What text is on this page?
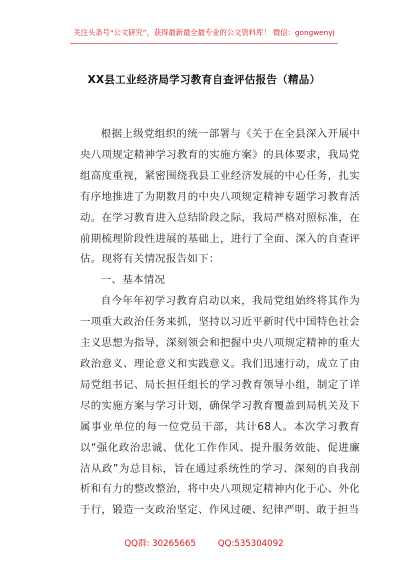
关注头条号“公文研究”，获得最新最全最专业的公文资料库！ 微信：gongwenyj
XX县工业经济局学习教育自查评估报告（精品）

根据上级党组织的统一部署与《关于在全县深入开展中央八项规定精神学习教育的实施方案》的具体要求，我局党组高度重视，紧密围绕我县工业经济发展的中心任务，扎实有序地推进了为期数月的中央八项规定精神专题学习教育活动。在学习教育进入总结阶段之际，我局严格对照标准，在前期梳理阶段性进展的基础上，进行了全面、深入的自查评估。现将有关情况报告如下：

一、基本情况

自今年年初学习教育启动以来，我局党组始终将其作为一项重大政治任务来抓，坚持以习近平新时代中国特色社会主义思想为指导，深刻领会和把握中央八项规定精神的重大政治意义、理论意义和实践意义。我们迅速行动，成立了由局党组书记、局长担任组长的学习教育领导小组，制定了详尽的实施方案与学习计划，确保学习教育覆盖到局机关及下属事业单位的每一位党员干部，共计68人。本次学习教育以“强化政治忠诚、优化工作作风、提升服务效能、促进廉洁从政”为总目标，旨在通过系统性的学习、深刻的自我剖析和有力的整改整治，将中央八项规定精神内化于心、外化于行，锻造一支政治坚定、作风过硬、纪律严明、敢于担当

QQ群: 30265665	QQ:535304092
